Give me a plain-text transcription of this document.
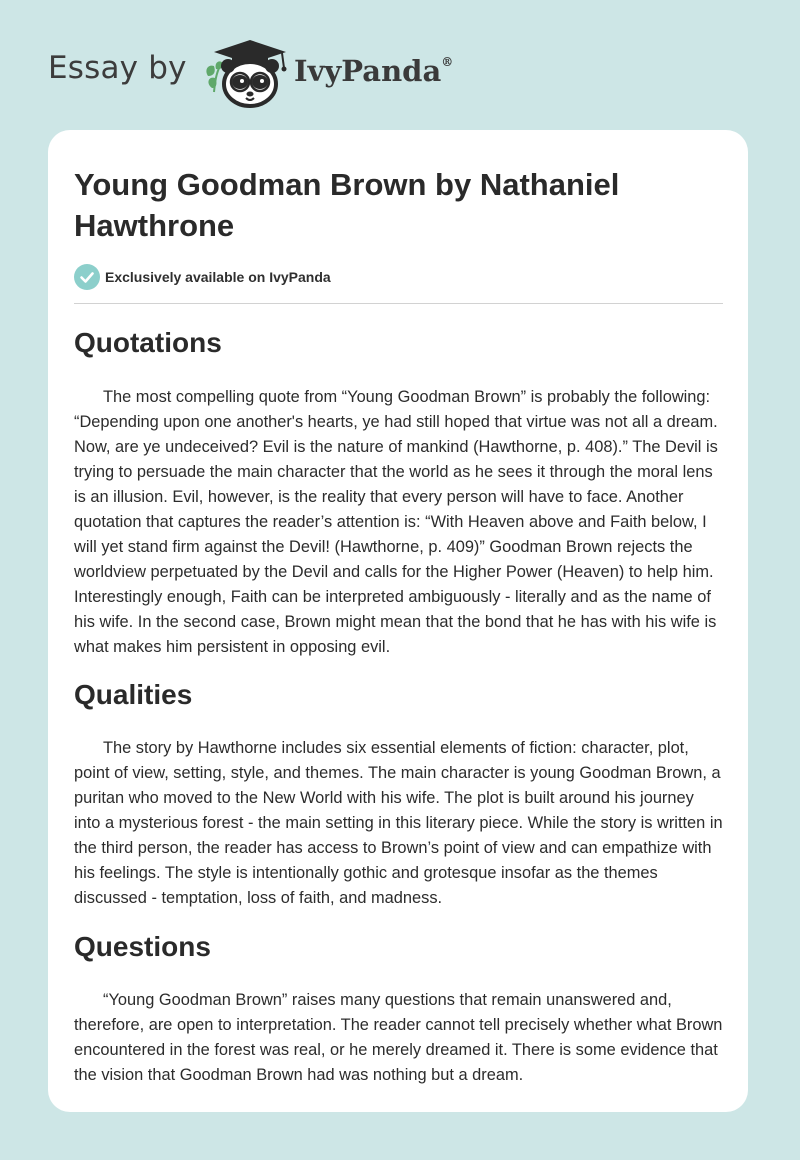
Essay by	IvyPanda®
Young Goodman Brown by Nathaniel Hawthrone
Exclusively available on IvyPanda
Quotations

The most compelling quote from “Young Goodman Brown” is probably the following: “Depending upon one another's hearts, ye had still hoped that virtue was not all a dream. Now, are ye undeceived? Evil is the nature of mankind (Hawthorne, p. 408).” The Devil is trying to persuade the main character that the world as he sees it through the moral lens is an illusion. Evil, however, is the reality that every person will have to face. Another quotation that captures the reader’s attention is: “With Heaven above and Faith below, I will yet stand firm against the Devil! (Hawthorne, p. 409)” Goodman Brown rejects the worldview perpetuated by the Devil and calls for the Higher Power (Heaven) to help him. Interestingly enough, Faith can be interpreted ambiguously - literally and as the name of his wife. In the second case, Brown might mean that the bond that he has with his wife is what makes him persistent in opposing evil.

Qualities

The story by Hawthorne includes six essential elements of fiction: character, plot, point of view, setting, style, and themes. The main character is young Goodman Brown, a puritan who moved to the New World with his wife. The plot is built around his journey into a mysterious forest - the main setting in this literary piece. While the story is written in the third person, the reader has access to Brown’s point of view and can empathize with his feelings. The style is intentionally gothic and grotesque insofar as the themes discussed - temptation, loss of faith, and madness.

Questions

“Young Goodman Brown” raises many questions that remain unanswered and, therefore, are open to interpretation. The reader cannot tell precisely whether what Brown encountered in the forest was real, or he merely dreamed it. There is some evidence that the vision that Goodman Brown had was nothing but a dream.
